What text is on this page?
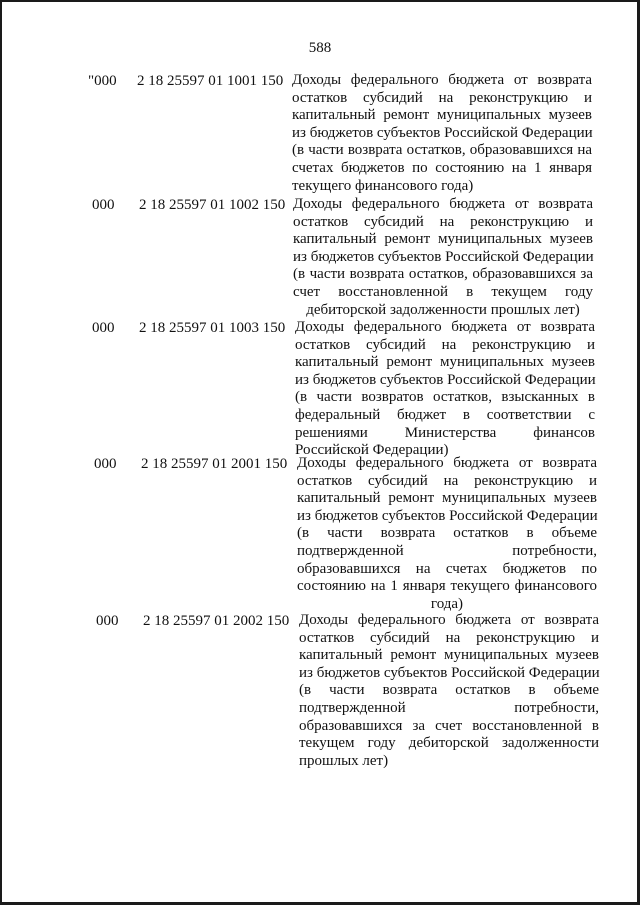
588
"000 2 18 25597 01 1001 150 Доходы федерального бюджета от возврата
остатков субсидий на реконструкцию и
капитальный ремонт муниципальных музеев
из бюджетов субъектов Российской Федерации
(в части возврата остатков, образовавшихся на
счетах бюджетов по состоянию на 1 января
текущего финансового года)
000 2 18 25597 01 1002 150 Доходы федерального бюджета от возврата
остатков субсидий на реконструкцию и
капитальный ремонт муниципальных музеев
из бюджетов субъектов Российской Федерации
(в части возврата остатков, образовавшихся за
счет восстановленной в текущем году
дебиторской задолженности прошлых лет)
000 2 18 25597 01 1003 150 Доходы федерального бюджета от возврата
остатков субсидий на реконструкцию и
капитальный ремонт муниципальных музеев
из бюджетов субъектов Российской Федерации
(в части возвратов остатков, взысканных в
федеральный бюджет в соответствии с
решениями Министерства финансов
Российской Федерации)
000 2 18 25597 01 2001 150 Доходы федерального бюджета от возврата
остатков субсидий на реконструкцию и
капитальный ремонт муниципальных музеев
из бюджетов субъектов Российской Федерации
(в части возврата остатков в объеме
подтвержденной потребности,
образовавшихся на счетах бюджетов по
состоянию на 1 января текущего финансового
года)
000 2 18 25597 01 2002 150 Доходы федерального бюджета от возврата
остатков субсидий на реконструкцию и
капитальный ремонт муниципальных музеев
из бюджетов субъектов Российской Федерации
(в части возврата остатков в объеме
подтвержденной потребности,
образовавшихся за счет восстановленной в
текущем году дебиторской задолженности
прошлых лет)
